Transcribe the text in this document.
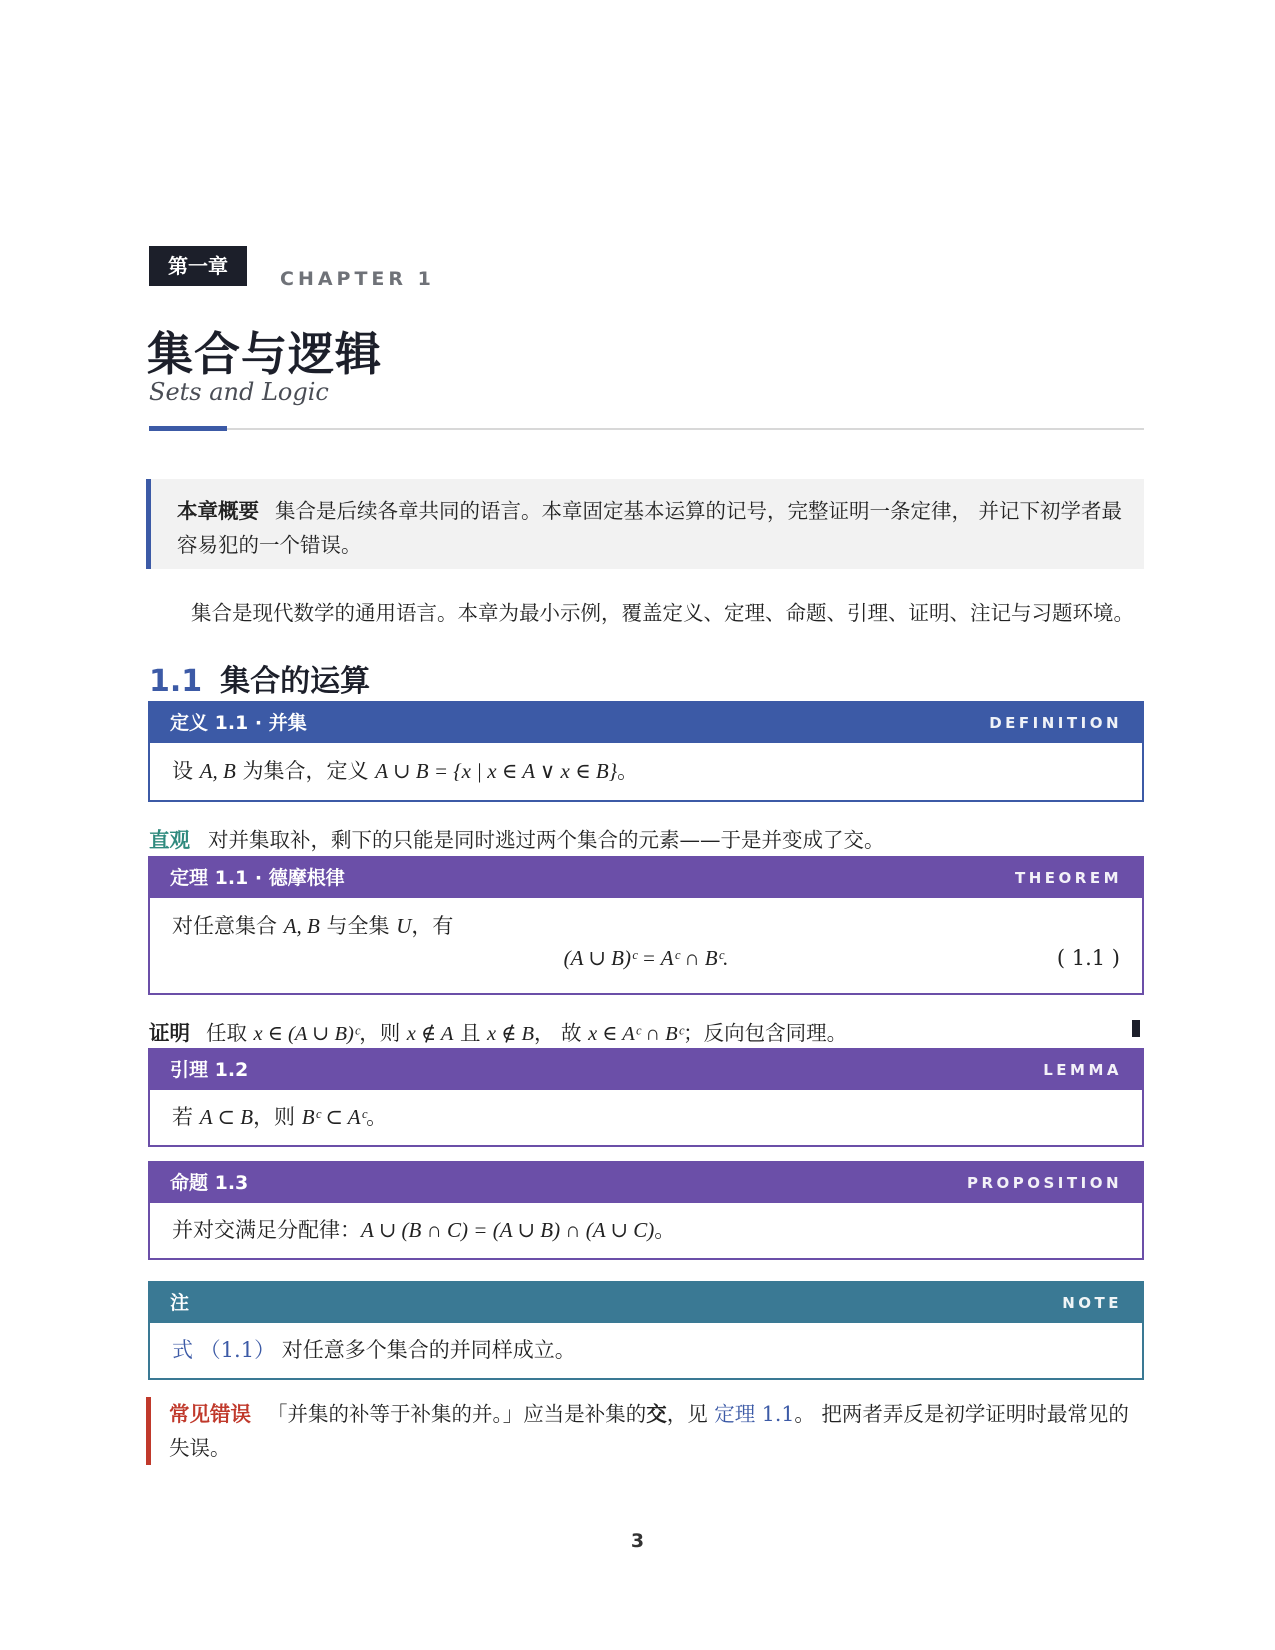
第一章
CHAPTER 1
集合与逻辑
Sets and Logic
本章概要 集合是后续各章共同的语言。本章固定基本运算的记号，完整证明一条定律， 并记下初学者最容易犯的一个错误。
集合是现代数学的通用语言。本章为最小示例，覆盖定义、定理、命题、引理、证明、注记与习题环境。
1.1 集合的运算
定义 1.1 · 并集	DEFINITION
设 A, B 为集合，定义 A ∪ B = {x | x ∈ A ∨ x ∈ B}。
直观 对并集取补，剩下的只能是同时逃过两个集合的元素——于是并变成了交。
定理 1.1 · 德摩根律	THEOREM
对任意集合 A, B 与全集 U，有
(A ∪ B)ᶜ = Aᶜ ∩ Bᶜ.	( 1.1 )
证明 任取 x ∈ (A ∪ B)ᶜ，则 x ∉ A 且 x ∉ B， 故 x ∈ Aᶜ ∩ Bᶜ；反向包含同理。
引理 1.2	LEMMA
若 A ⊂ B，则 Bᶜ ⊂ Aᶜ。
命题 1.3	PROPOSITION
并对交满足分配律：A ∪ (B ∩ C) = (A ∪ B) ∩ (A ∪ C)。
注	NOTE
式 （1.1） 对任意多个集合的并同样成立。
常见错误 「并集的补等于补集的并。」应当是补集的交，见 定理 1.1。 把两者弄反是初学证明时最常见的失误。
3
